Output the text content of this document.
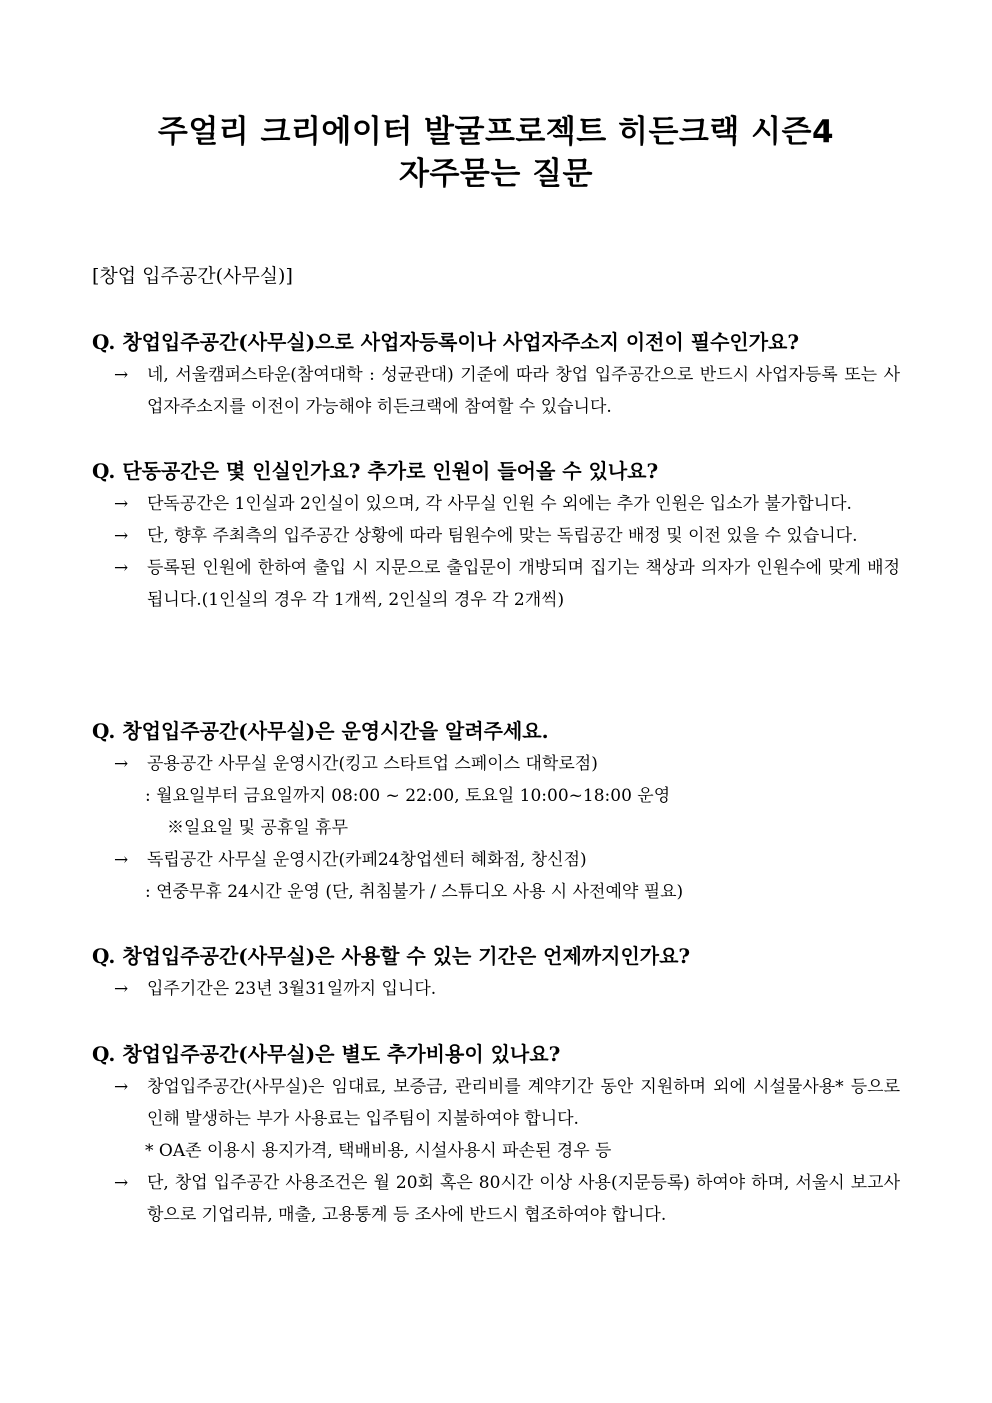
주얼리 크리에이터 발굴프로젝트 히든크랙 시즌4
자주묻는 질문
[창업 입주공간(사무실)]

Q. 창업입주공간(사무실)으로 사업자등록이나 사업자주소지 이전이 필수인가요?

→ 네, 서울캠퍼스타운(참여대학 : 성균관대) 기준에 따라 창업 입주공간으로 반드시 사업자등록 또는 사업자주소지를 이전이 가능해야 히든크랙에 참여할 수 있습니다.

Q. 단동공간은 몇 인실인가요? 추가로 인원이 들어올 수 있나요?

→ 단독공간은 1인실과 2인실이 있으며, 각 사무실 인원 수 외에는 추가 인원은 입소가 불가합니다.

→ 단, 향후 주최측의 입주공간 상황에 따라 팀원수에 맞는 독립공간 배정 및 이전 있을 수 있습니다.

→ 등록된 인원에 한하여 출입 시 지문으로 출입문이 개방되며 집기는 책상과 의자가 인원수에 맞게 배정됩니다.(1인실의 경우 각 1개씩, 2인실의 경우 각 2개씩)

Q. 창업입주공간(사무실)은 운영시간을 알려주세요.

→ 공용공간 사무실 운영시간(킹고 스타트업 스페이스 대학로점)

: 월요일부터 금요일까지 08:00 ~ 22:00, 토요일 10:00~18:00 운영

※일요일 및 공휴일 휴무

→ 독립공간 사무실 운영시간(카페24창업센터 혜화점, 창신점)

: 연중무휴 24시간 운영 (단, 취침불가 / 스튜디오 사용 시 사전예약 필요)

Q. 창업입주공간(사무실)은 사용할 수 있는 기간은 언제까지인가요?

→ 입주기간은 23년 3월31일까지 입니다.

Q. 창업입주공간(사무실)은 별도 추가비용이 있나요?

→ 창업입주공간(사무실)은 임대료, 보증금, 관리비를 계약기간 동안 지원하며 외에 시설물사용* 등으로 인해 발생하는 부가 사용료는 입주팀이 지불하여야 합니다.

* OA존 이용시 용지가격, 택배비용, 시설사용시 파손된 경우 등

→ 단, 창업 입주공간 사용조건은 월 20회 혹은 80시간 이상 사용(지문등록) 하여야 하며, 서울시 보고사항으로 기업리뷰, 매출, 고용통계 등 조사에 반드시 협조하여야 합니다.
